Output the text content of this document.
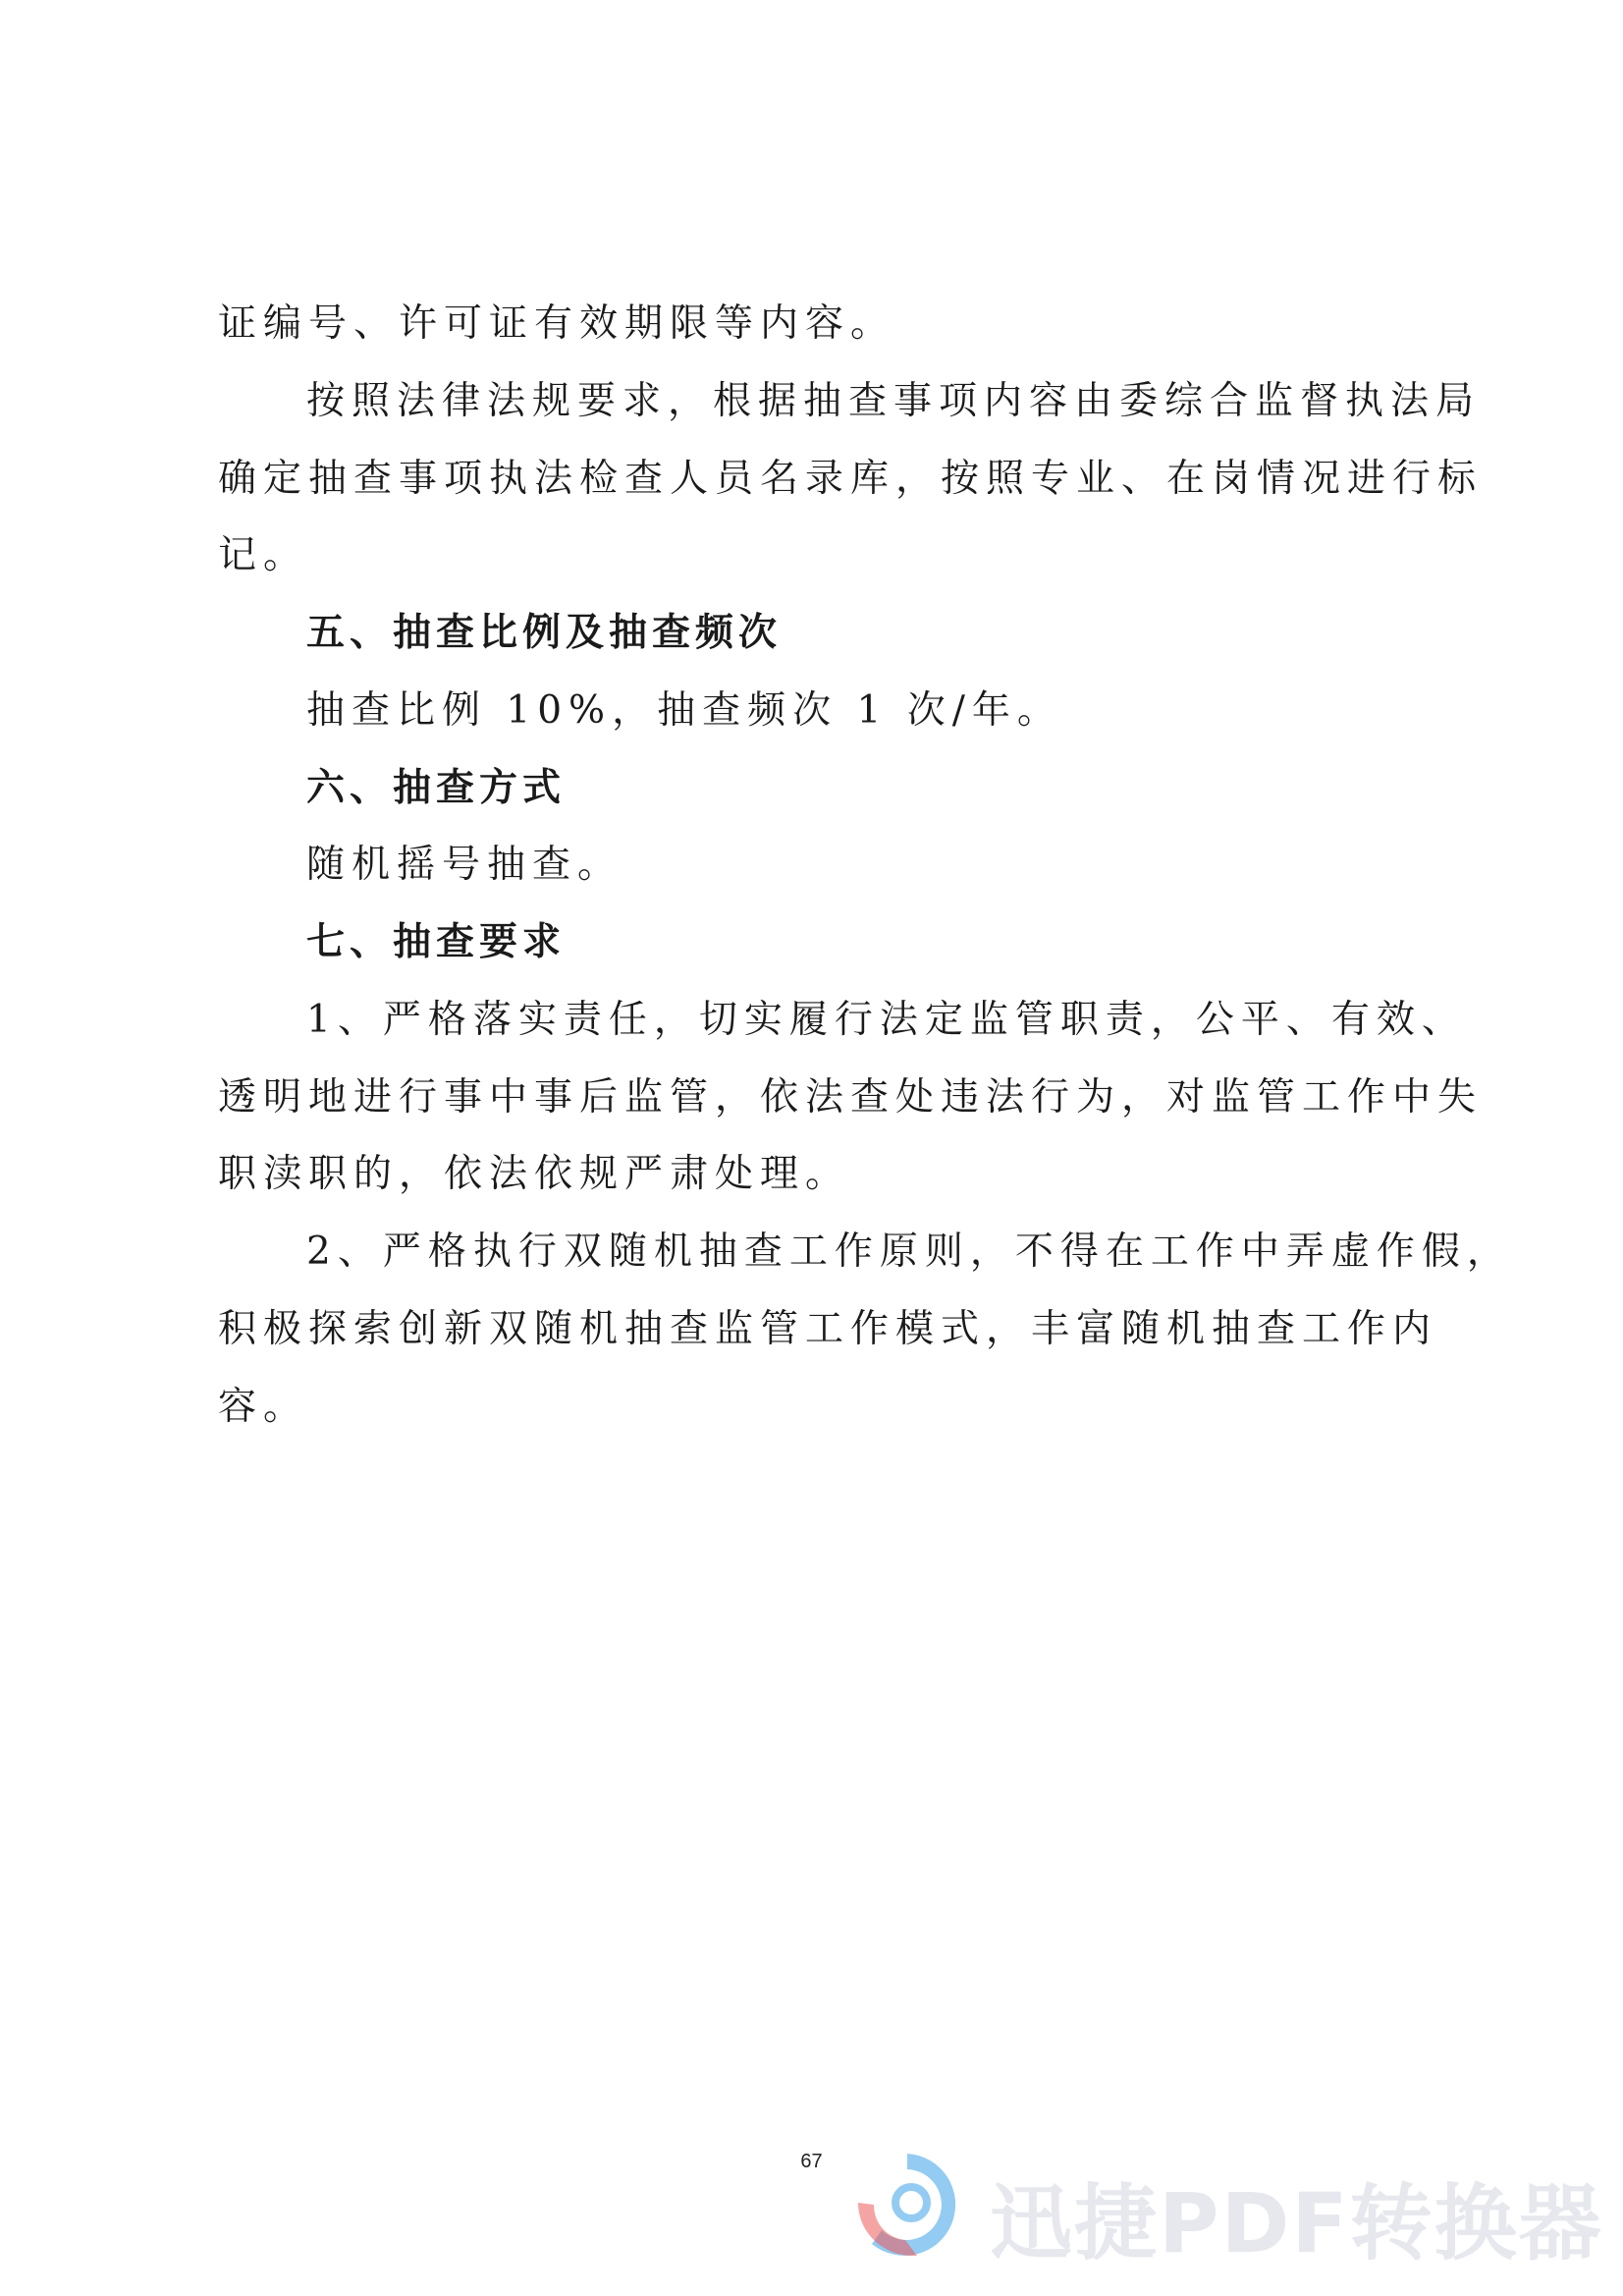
证编号、许可证有效期限等内容。
按照法律法规要求，根据抽查事项内容由委综合监督执法局
确定抽查事项执法检查人员名录库，按照专业、在岗情况进行标
记。
五、抽查比例及抽查频次
抽查比例 10%，抽查频次 1 次/年。
六、抽查方式
随机摇号抽查。
七、抽查要求
1、严格落实责任，切实履行法定监管职责，公平、有效、
透明地进行事中事后监管，依法查处违法行为，对监管工作中失
职渎职的，依法依规严肃处理。
2、严格执行双随机抽查工作原则，不得在工作中弄虚作假，
积极探索创新双随机抽查监管工作模式，丰富随机抽查工作内
容。
67
迅捷PDF转换器
